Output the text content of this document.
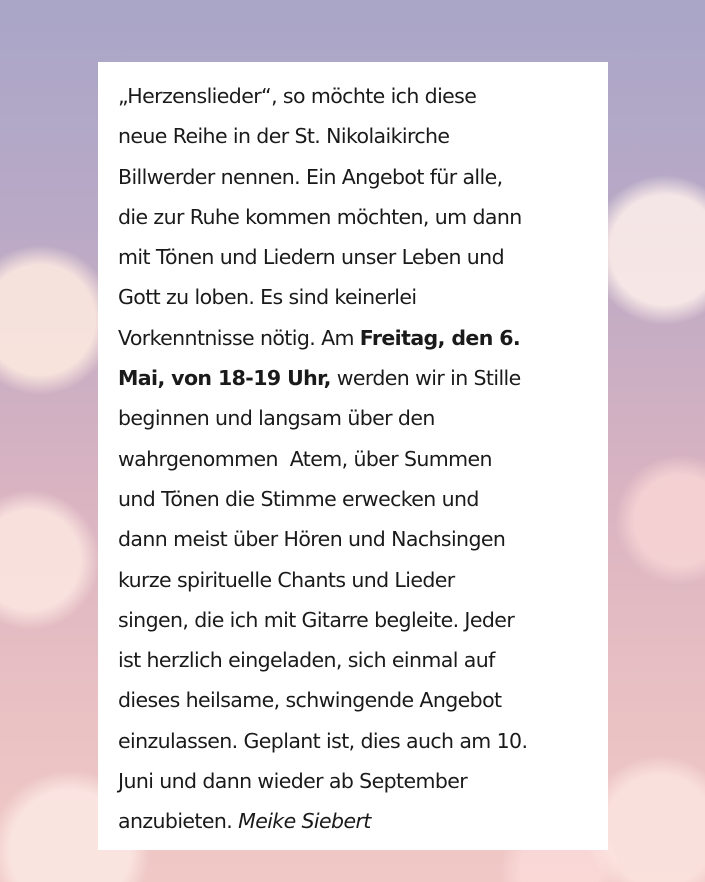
„Herzenslieder“, so möchte ich diese
neue Reihe in der St. Nikolaikirche
Billwerder nennen. Ein Angebot für alle,
die zur Ruhe kommen möchten, um dann
mit Tönen und Liedern unser Leben und
Gott zu loben. Es sind keinerlei
Vorkenntnisse nötig. Am Freitag, den 6.
Mai, von 18-19 Uhr, werden wir in Stille
beginnen und langsam über den
wahrgenommen  Atem, über Summen
und Tönen die Stimme erwecken und
dann meist über Hören und Nachsingen
kurze spirituelle Chants und Lieder
singen, die ich mit Gitarre begleite. Jeder
ist herzlich eingeladen, sich einmal auf
dieses heilsame, schwingende Angebot
einzulassen. Geplant ist, dies auch am 10.
Juni und dann wieder ab September
anzubieten. Meike Siebert
